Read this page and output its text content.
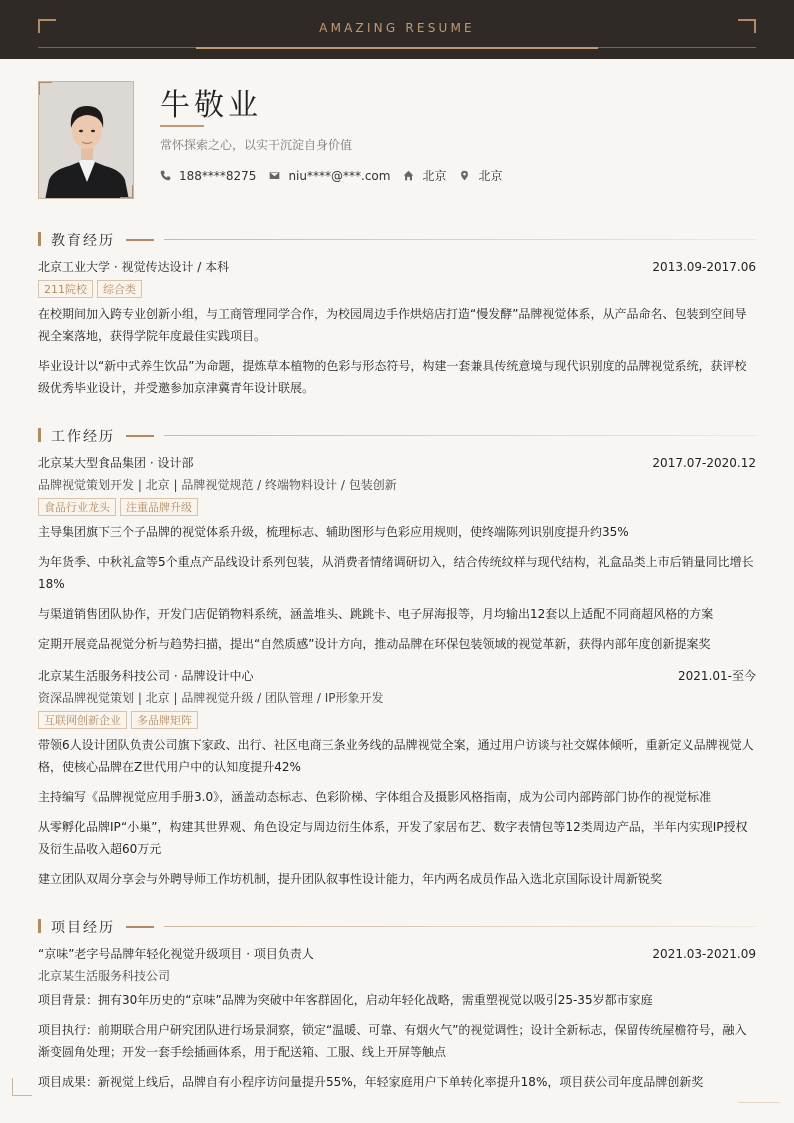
AMAZING RESUME
牛敬业
常怀探索之心，以实干沉淀自身价值
188****8275	niu****@***.com	北京	北京
教育经历
北京工业大学 · 视觉传达设计 / 本科	2013.09-2017.06
211院校	综合类
在校期间加入跨专业创新小组，与工商管理同学合作，为校园周边手作烘焙店打造“慢发酵”品牌视觉体系，从产品命名、包装到空间导视全案落地，获得学院年度最佳实践项目。
毕业设计以“新中式养生饮品”为命题，提炼草本植物的色彩与形态符号，构建一套兼具传统意境与现代识别度的品牌视觉系统，获评校级优秀毕业设计，并受邀参加京津冀青年设计联展。
工作经历
北京某大型食品集团 · 设计部	2017.07-2020.12
品牌视觉策划开发 | 北京 | 品牌视觉规范 / 终端物料设计 / 包装创新
食品行业龙头	注重品牌升级
主导集团旗下三个子品牌的视觉体系升级，梳理标志、辅助图形与色彩应用规则，使终端陈列识别度提升约35%
为年货季、中秋礼盒等5个重点产品线设计系列包装，从消费者情绪调研切入，结合传统纹样与现代结构，礼盒品类上市后销量同比增长18%
与渠道销售团队协作，开发门店促销物料系统，涵盖堆头、跳跳卡、电子屏海报等，月均输出12套以上适配不同商超风格的方案
定期开展竞品视觉分析与趋势扫描，提出“自然质感”设计方向，推动品牌在环保包装领域的视觉革新，获得内部年度创新提案奖
北京某生活服务科技公司 · 品牌设计中心	2021.01-至今
资深品牌视觉策划 | 北京 | 品牌视觉升级 / 团队管理 / IP形象开发
互联网创新企业	多品牌矩阵
带领6人设计团队负责公司旗下家政、出行、社区电商三条业务线的品牌视觉全案，通过用户访谈与社交媒体倾听，重新定义品牌视觉人格，使核心品牌在Z世代用户中的认知度提升42%
主持编写《品牌视觉应用手册3.0》，涵盖动态标志、色彩阶梯、字体组合及摄影风格指南，成为公司内部跨部门协作的视觉标准
从零孵化品牌IP“小巢”，构建其世界观、角色设定与周边衍生体系，开发了家居布艺、数字表情包等12类周边产品，半年内实现IP授权及衍生品收入超60万元
建立团队双周分享会与外聘导师工作坊机制，提升团队叙事性设计能力，年内两名成员作品入选北京国际设计周新锐奖
项目经历
“京味”老字号品牌年轻化视觉升级项目 · 项目负责人	2021.03-2021.09
北京某生活服务科技公司
项目背景：拥有30年历史的“京味”品牌为突破中年客群固化，启动年轻化战略，需重塑视觉以吸引25-35岁都市家庭
项目执行：前期联合用户研究团队进行场景洞察，锁定“温暖、可靠、有烟火气”的视觉调性；设计全新标志，保留传统屋檐符号，融入渐变圆角处理；开发一套手绘插画体系，用于配送箱、工服、线上开屏等触点
项目成果：新视觉上线后，品牌自有小程序访问量提升55%，年轻家庭用户下单转化率提升18%，项目获公司年度品牌创新奖
